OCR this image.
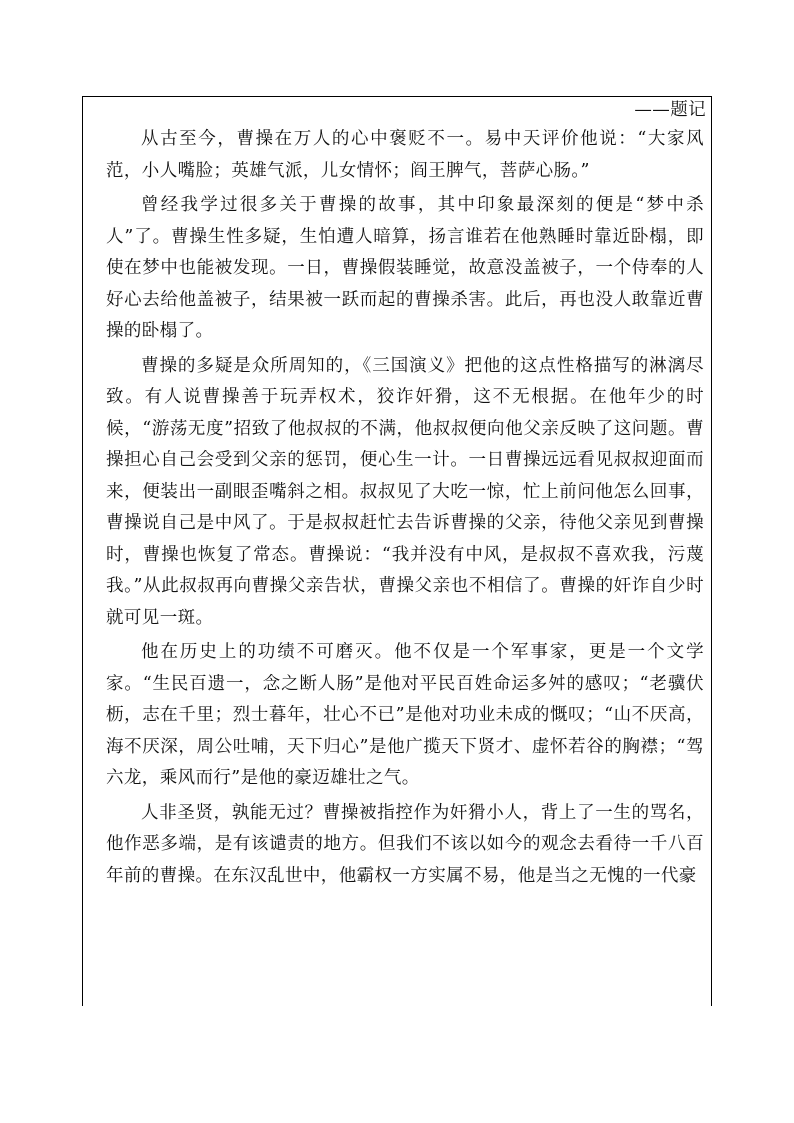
——题记

从古至今，曹操在万人的心中褒贬不一。易中天评价他说：“大家风范，小人嘴脸；英雄气派，儿女情怀；阎王脾气，菩萨心肠。”

曾经我学过很多关于曹操的故事，其中印象最深刻的便是“梦中杀人”了。曹操生性多疑，生怕遭人暗算，扬言谁若在他熟睡时靠近卧榻，即使在梦中也能被发现。一日，曹操假装睡觉，故意没盖被子，一个侍奉的人好心去给他盖被子，结果被一跃而起的曹操杀害。此后，再也没人敢靠近曹操的卧榻了。

曹操的多疑是众所周知的，《三国演义》把他的这点性格描写的淋漓尽致。有人说曹操善于玩弄权术，狡诈奸猾，这不无根据。在他年少的时候，“游荡无度”招致了他叔叔的不满，他叔叔便向他父亲反映了这问题。曹操担心自己会受到父亲的惩罚，便心生一计。一日曹操远远看见叔叔迎面而来，便装出一副眼歪嘴斜之相。叔叔见了大吃一惊，忙上前问他怎么回事，曹操说自己是中风了。于是叔叔赶忙去告诉曹操的父亲，待他父亲见到曹操时，曹操也恢复了常态。曹操说：“我并没有中风，是叔叔不喜欢我，污蔑我。”从此叔叔再向曹操父亲告状，曹操父亲也不相信了。曹操的奸诈自少时就可见一斑。

他在历史上的功绩不可磨灭。他不仅是一个军事家，更是一个文学家。“生民百遗一，念之断人肠”是他对平民百姓命运多舛的感叹；“老骥伏枥，志在千里；烈士暮年，壮心不已”是他对功业未成的慨叹；“山不厌高，海不厌深，周公吐哺，天下归心”是他广揽天下贤才、虚怀若谷的胸襟；“驾六龙，乘风而行”是他的豪迈雄壮之气。

人非圣贤，孰能无过？曹操被指控作为奸猾小人，背上了一生的骂名，他作恶多端，是有该谴责的地方。但我们不该以如今的观念去看待一千八百年前的曹操。在东汉乱世中，他霸权一方实属不易，他是当之无愧的一代豪
